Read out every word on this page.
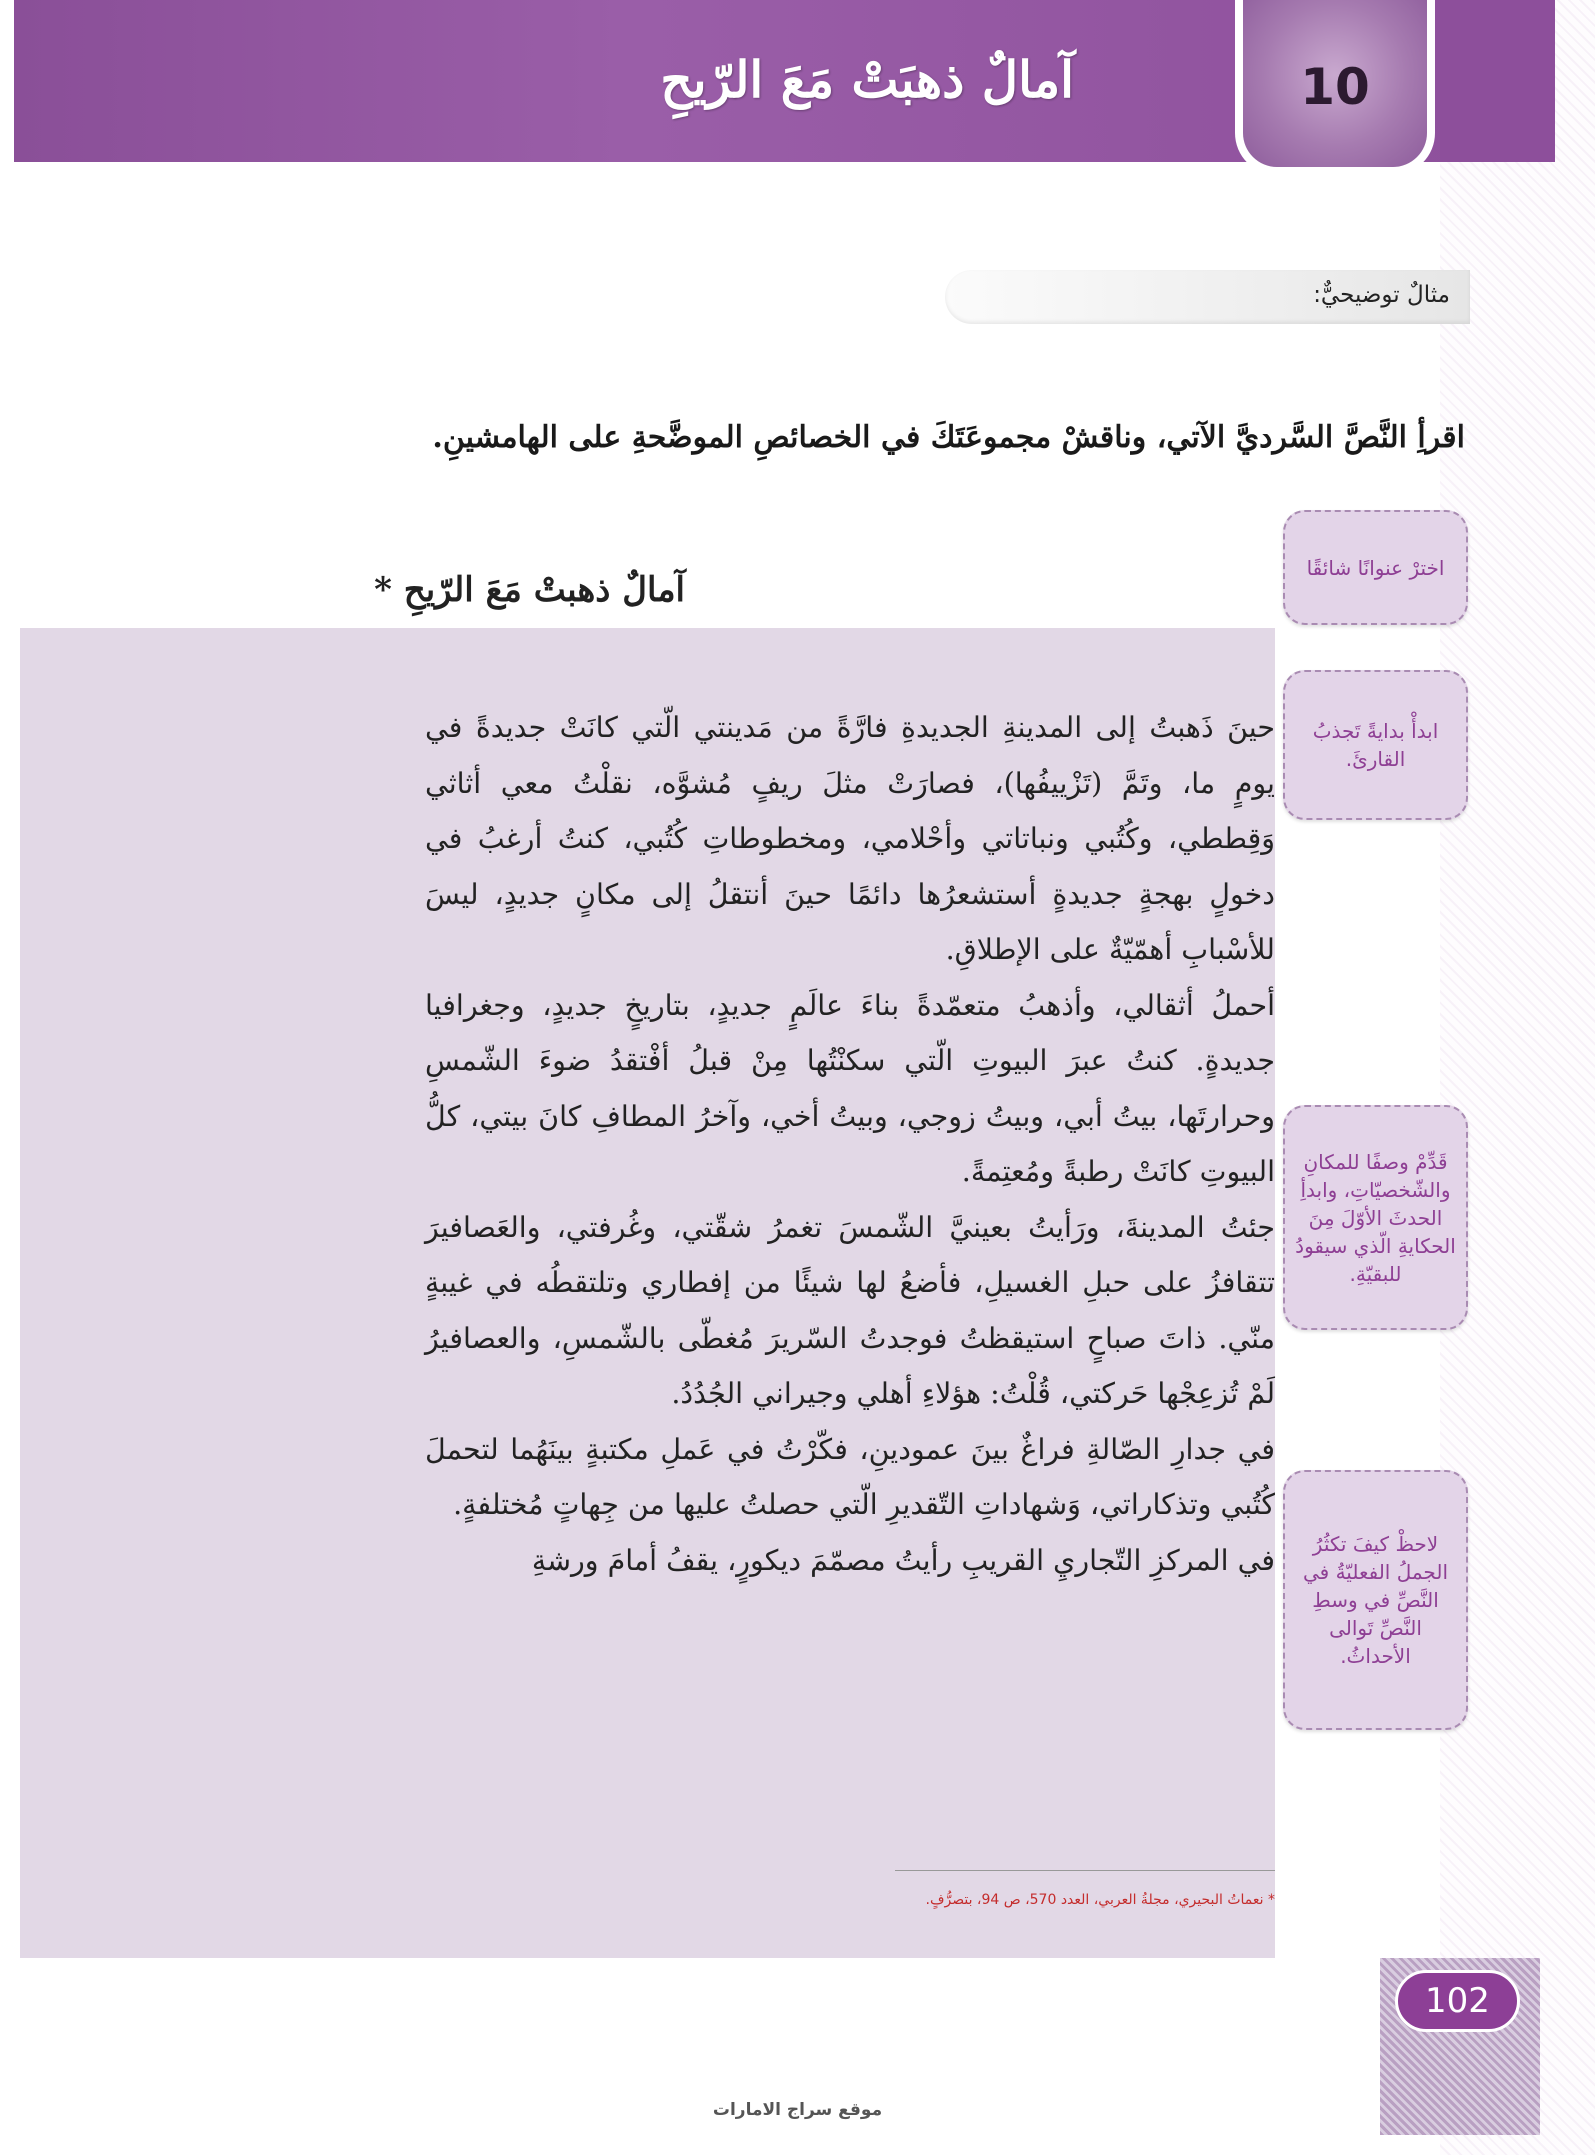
آمالٌ ذهبَتْ مَعَ الرّيحِ	10
مثالٌ توضيحيٌّ:
اقرأِ النَّصَّ السَّرديَّ الآتي، وناقشْ مجموعَتَكَ في الخصائصِ الموضَّحةِ على الهامشينِ.
آمالٌ ذهبتْ مَعَ الرّيحِ *

حينَ ذَهبتُ إلى المدينةِ الجديدةِ فارَّةً من مَدينتي الّتي كانَتْ جديدةً في يومٍ ما، وتَمَّ (تَزْييفُها)، فصارَتْ مثلَ ريفٍ مُشوَّه، نقلْتُ معي أثاثي وَقِططي، وكُتُبي ونباتاتي وأحْلامي، ومخطوطاتِ كُتُبي، كنتُ أرغبُ في دخولٍ بهجةٍ جديدةٍ أستشعرُها دائمًا حينَ أنتقلُ إلى مكانٍ جديدٍ، ليسَ للأسْبابِ أهمّيّةٌ على الإطلاقِ.

أحملُ أثقالي، وأذهبُ متعمّدةً بناءَ عالَمٍ جديدٍ، بتاريخٍ جديدٍ، وجغرافيا جديدةٍ. كنتُ عبرَ البيوتِ الّتي سكنْتُها مِنْ قبلُ أفْتقدُ ضوءَ الشّمسِ وحرارتَها، بيتُ أبي، وبيتُ زوجي، وبيتُ أخي، وآخرُ المطافِ كانَ بيتي، كلُّ البيوتِ كانَتْ رطبةً ومُعتِمةً.

جئتُ المدينةَ، ورَأيتُ بعينيَّ الشّمسَ تغمرُ شقّتي، وغُرفتي، والعَصافيرَ تتقافزُ على حبلِ الغسيلِ، فأضعُ لها شيئًا من إفطاري وتلتقطُه في غيبةٍ منّي. ذاتَ صباحٍ استيقظتُ فوجدتُ السّريرَ مُغطّى بالشّمسِ، والعصافيرُ لَمْ تُزعِجْها حَركتي، قُلْتُ: هؤلاءِ أهلي وجيراني الجُدُدُ.

في جدارِ الصّالةِ فراغٌ بينَ عمودينِ، فكّرْتُ في عَملِ مكتبةٍ بينَهُما لتحملَ كُتُبي وتذكاراتي، وَشهاداتِ التّقديرِ الّتي حصلتُ عليها من جِهاتٍ مُختلفةٍ.

في المركزِ التّجاريِ القريبِ رأيتُ مصمّمَ ديكورٍ، يقفُ أمامَ ورشةِ

* نعماتُ البحيري، مجلةُ العربي، العدد 570، ص 94، بتصرُّفٍ.
اخترْ عنوانًا شائقًا
ابدأْ بدايةً تَجذبُ القارئَ.
قَدِّمْ وصفًا للمكانِ والشّخصيّاتِ، وابدأِ الحدثَ الأوّلَ مِنَ الحكايةِ الّذي سيقودُ للبقيّةِ.
لاحظْ كيفَ تكثُرُ الجملُ الفعليّةُ في النَّصِّ في وسطِ النَّصِّ تَوالى الأحداثُ.
102
موقع سراج الامارات
